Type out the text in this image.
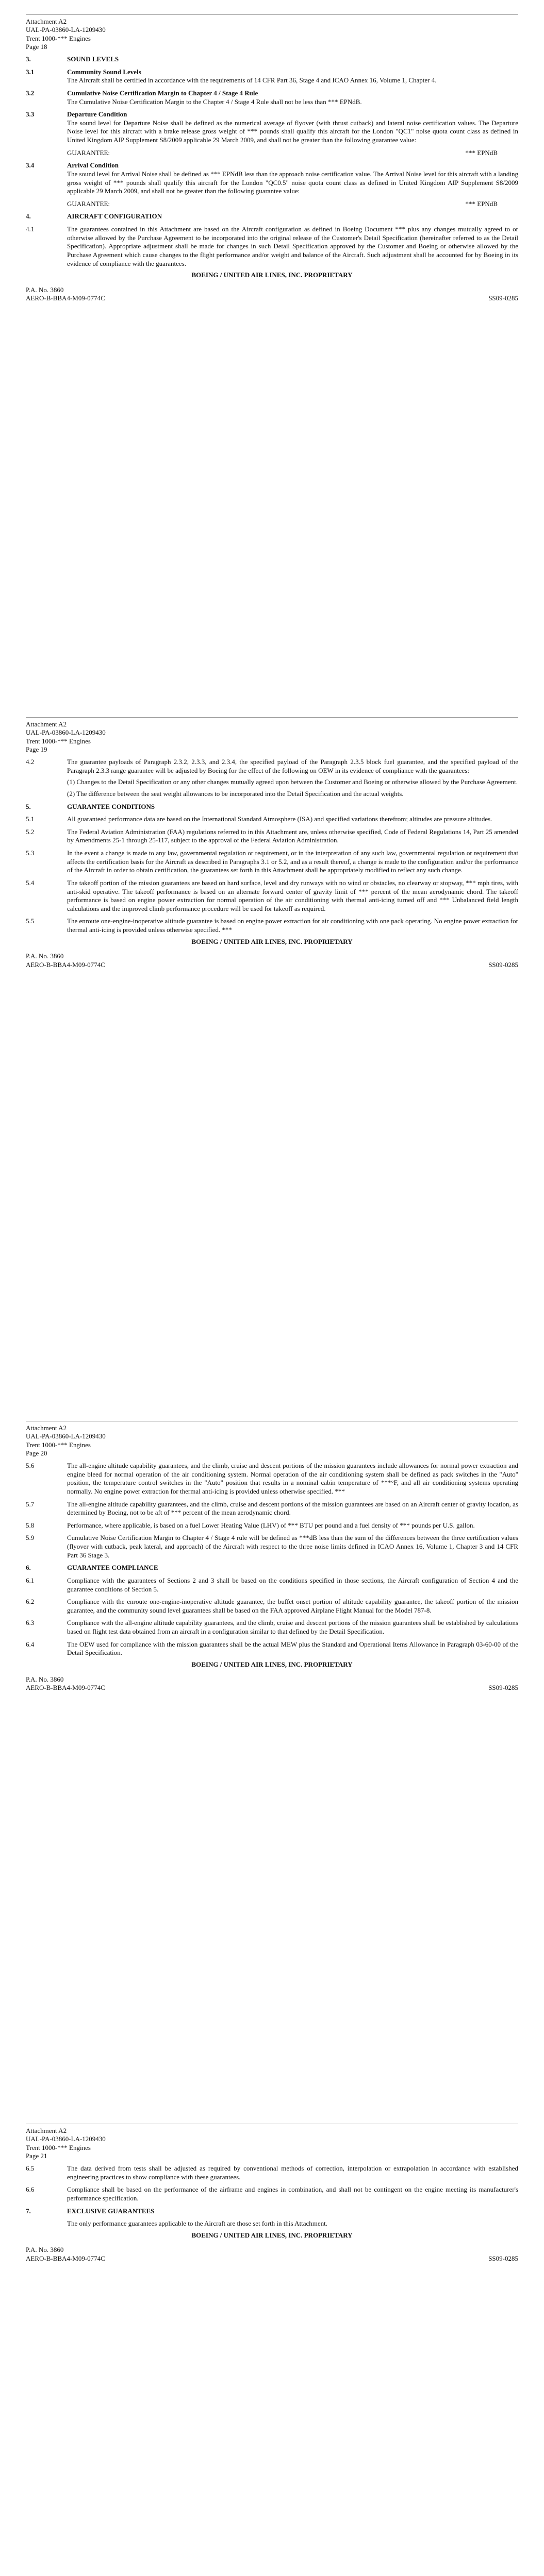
Attachment A2
UAL-PA-03860-LA-1209430
Trent 1000-*** Engines
Page 18
3.	SOUND LEVELS
3.1	Community Sound Levels
The Aircraft shall be certified in accordance with the requirements of 14 CFR Part 36, Stage 4 and ICAO Annex 16, Volume 1, Chapter 4.
3.2	Cumulative Noise Certification Margin to Chapter 4 / Stage 4 Rule
The Cumulative Noise Certification Margin to the Chapter 4 / Stage 4 Rule shall not be less than *** EPNdB.
3.3	Departure Condition
The sound level for Departure Noise shall be defined as the numerical average of flyover (with thrust cutback) and lateral noise certification values. The Departure Noise level for this aircraft with a brake release gross weight of *** pounds shall qualify this aircraft for the London "QC1" noise quota count class as defined in United Kingdom AIP Supplement S8/2009 applicable 29 March 2009, and shall not be greater than the following guarantee value:
GUARANTEE:	*** EPNdB
3.4	Arrival Condition
The sound level for Arrival Noise shall be defined as *** EPNdB less than the approach noise certification value. The Arrival Noise level for this aircraft with a landing gross weight of *** pounds shall qualify this aircraft for the London "QC0.5" noise quota count class as defined in United Kingdom AIP Supplement S8/2009 applicable 29 March 2009, and shall not be greater than the following guarantee value:
GUARANTEE:	*** EPNdB
4.	AIRCRAFT CONFIGURATION
4.1	The guarantees contained in this Attachment are based on the Aircraft configuration as defined in Boeing Document *** plus any changes mutually agreed to or otherwise allowed by the Purchase Agreement to be incorporated into the original release of the Customer's Detail Specification (hereinafter referred to as the Detail Specification). Appropriate adjustment shall be made for changes in such Detail Specification approved by the Customer and Boeing or otherwise allowed by the Purchase Agreement which cause changes to the flight performance and/or weight and balance of the Aircraft. Such adjustment shall be accounted for by Boeing in its evidence of compliance with the guarantees.
BOEING / UNITED AIR LINES, INC. PROPRIETARY
P.A. No. 3860
AERO-B-BBA4-M09-0774C	SS09-0285
Attachment A2
UAL-PA-03860-LA-1209430
Trent 1000-*** Engines
Page 19
4.2	The guarantee payloads of Paragraph 2.3.2, 2.3.3, and 2.3.4, the specified payload of the Paragraph 2.3.5 block fuel guarantee, and the specified payload of the Paragraph 2.3.3 range guarantee will be adjusted by Boeing for the effect of the following on OEW in its evidence of compliance with the guarantees:
(1) Changes to the Detail Specification or any other changes mutually agreed upon between the Customer and Boeing or otherwise allowed by the Purchase Agreement.
(2) The difference between the seat weight allowances to be incorporated into the Detail Specification and the actual weights.
5.	GUARANTEE CONDITIONS
5.1	All guaranteed performance data are based on the International Standard Atmosphere (ISA) and specified variations therefrom; altitudes are pressure altitudes.
5.2	The Federal Aviation Administration (FAA) regulations referred to in this Attachment are, unless otherwise specified, Code of Federal Regulations 14, Part 25 amended by Amendments 25-1 through 25-117, subject to the approval of the Federal Aviation Administration.
5.3	In the event a change is made to any law, governmental regulation or requirement, or in the interpretation of any such law, governmental regulation or requirement that affects the certification basis for the Aircraft as described in Paragraphs 3.1 or 5.2, and as a result thereof, a change is made to the configuration and/or the performance of the Aircraft in order to obtain certification, the guarantees set forth in this Attachment shall be appropriately modified to reflect any such change.
5.4	The takeoff portion of the mission guarantees are based on hard surface, level and dry runways with no wind or obstacles, no clearway or stopway, *** mph tires, with anti-skid operative. The takeoff performance is based on an alternate forward center of gravity limit of *** percent of the mean aerodynamic chord. The takeoff performance is based on engine power extraction for normal operation of the air conditioning with thermal anti-icing turned off and *** Unbalanced field length calculations and the improved climb performance procedure will be used for takeoff as required.
5.5	The enroute one-engine-inoperative altitude guarantee is based on engine power extraction for air conditioning with one pack operating. No engine power extraction for thermal anti-icing is provided unless otherwise specified. ***
BOEING / UNITED AIR LINES, INC. PROPRIETARY
P.A. No. 3860
AERO-B-BBA4-M09-0774C	SS09-0285
Attachment A2
UAL-PA-03860-LA-1209430
Trent 1000-*** Engines
Page 20
5.6	The all-engine altitude capability guarantees, and the climb, cruise and descent portions of the mission guarantees include allowances for normal power extraction and engine bleed for normal operation of the air conditioning system. Normal operation of the air conditioning system shall be defined as pack switches in the "Auto" position, the temperature control switches in the "Auto" position that results in a nominal cabin temperature of ***°F, and all air conditioning systems operating normally. No engine power extraction for thermal anti-icing is provided unless otherwise specified. ***
5.7	The all-engine altitude capability guarantees, and the climb, cruise and descent portions of the mission guarantees are based on an Aircraft center of gravity location, as determined by Boeing, not to be aft of *** percent of the mean aerodynamic chord.
5.8	Performance, where applicable, is based on a fuel Lower Heating Value (LHV) of *** BTU per pound and a fuel density of *** pounds per U.S. gallon.
5.9	Cumulative Noise Certification Margin to Chapter 4 / Stage 4 rule will be defined as ***dB less than the sum of the differences between the three certification values (flyover with cutback, peak lateral, and approach) of the Aircraft with respect to the three noise limits defined in ICAO Annex 16, Volume 1, Chapter 3 and 14 CFR Part 36 Stage 3.
6.	GUARANTEE COMPLIANCE
6.1	Compliance with the guarantees of Sections 2 and 3 shall be based on the conditions specified in those sections, the Aircraft configuration of Section 4 and the guarantee conditions of Section 5.
6.2	Compliance with the enroute one-engine-inoperative altitude guarantee, the buffet onset portion of altitude capability guarantee, the takeoff portion of the mission guarantee, and the community sound level guarantees shall be based on the FAA approved Airplane Flight Manual for the Model 787-8.
6.3	Compliance with the all-engine altitude capability guarantees, and the climb, cruise and descent portions of the mission guarantees shall be established by calculations based on flight test data obtained from an aircraft in a configuration similar to that defined by the Detail Specification.
6.4	The OEW used for compliance with the mission guarantees shall be the actual MEW plus the Standard and Operational Items Allowance in Paragraph 03-60-00 of the Detail Specification.
BOEING / UNITED AIR LINES, INC. PROPRIETARY
P.A. No. 3860
AERO-B-BBA4-M09-0774C	SS09-0285
Attachment A2
UAL-PA-03860-LA-1209430
Trent 1000-*** Engines
Page 21
6.5	The data derived from tests shall be adjusted as required by conventional methods of correction, interpolation or extrapolation in accordance with established engineering practices to show compliance with these guarantees.
6.6	Compliance shall be based on the performance of the airframe and engines in combination, and shall not be contingent on the engine meeting its manufacturer's performance specification.
7.	EXCLUSIVE GUARANTEES
The only performance guarantees applicable to the Aircraft are those set forth in this Attachment.
BOEING / UNITED AIR LINES, INC. PROPRIETARY
P.A. No. 3860
AERO-B-BBA4-M09-0774C	SS09-0285
